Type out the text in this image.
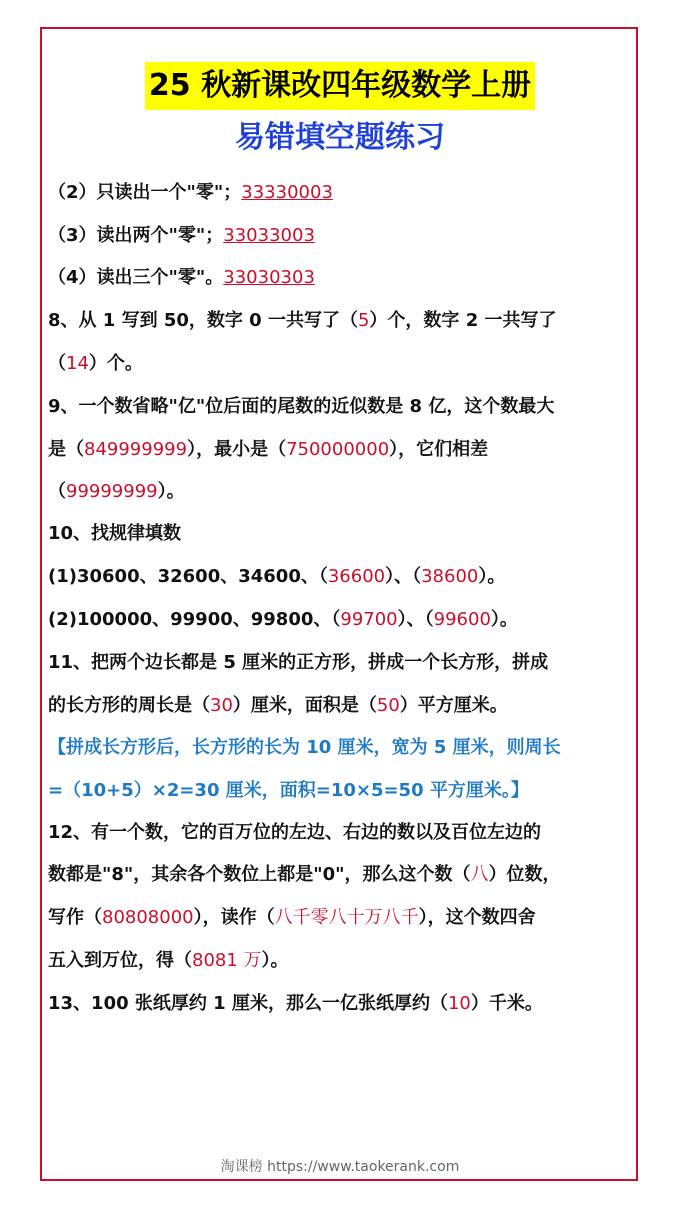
25 秋新课改四年级数学上册
易错填空题练习
（2）只读出一个"零"；33330003
（3）读出两个"零"；33033003
（4）读出三个"零"。33030303
8、从 1 写到 50，数字 0 一共写了（5）个，数字 2 一共写了
（14）个。
9、一个数省略"亿"位后面的尾数的近似数是 8 亿，这个数最大
是（849999999），最小是（750000000），它们相差
（99999999）。
10、找规律填数
(1)30600、32600、34600、（36600）、（38600）。
(2)100000、99900、99800、（99700）、（99600）。
11、把两个边长都是 5 厘米的正方形，拼成一个长方形，拼成
的长方形的周长是（30）厘米，面积是（50）平方厘米。
【拼成长方形后，长方形的长为 10 厘米，宽为 5 厘米，则周长
=（10+5）×2=30 厘米，面积=10×5=50 平方厘米。】
12、有一个数，它的百万位的左边、右边的数以及百位左边的
数都是"8"，其余各个数位上都是"0"，那么这个数（八）位数，
写作（80808000），读作（八千零八十万八千），这个数四舍
五入到万位，得（8081 万）。
13、100 张纸厚约 1 厘米，那么一亿张纸厚约（10）千米。
淘课榜 https://www.taokerank.com
